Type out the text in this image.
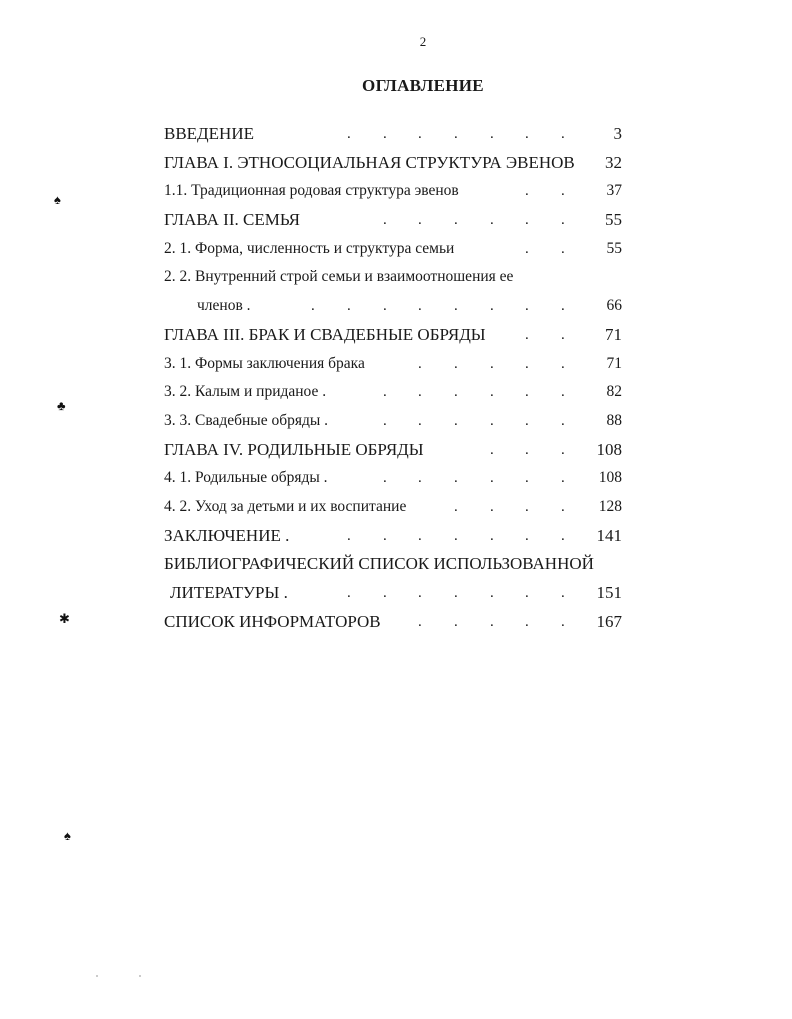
2
ОГЛАВЛЕНИЕ
ВВЕДЕНИЕ	. . . . . . .	3
ГЛАВА I. ЭТНОСОЦИАЛЬНАЯ СТРУКТУРА ЭВЕНОВ 32
1.1. Традиционная родовая структура эвенов	. .	37
ГЛАВА II. СЕМЬЯ	. . . . . . 55
2. 1. Форма, численность и структура семьи	. .	55
2. 2. Внутренний строй семьи и взаимоотношения ее
членов .	. . . . . . . .	66
ГЛАВА III. БРАК И СВАДЕБНЫЕ ОБРЯДЫ	. . 71
3. 1. Формы заключения брака	. . . . .	71
3. 2. Калым и приданое .	. . . . . .	82
3. 3. Свадебные обряды .	. . . . . .	88
ГЛАВА IV. РОДИЛЬНЫЕ ОБРЯДЫ	. . . 108
4. 1. Родильные обряды .	. . . . . . 108
4. 2. Уход за детьми и их воспитание	. . . . 128
ЗАКЛЮЧЕНИЕ .	. . . . . . . 141
БИБЛИОГРАФИЧЕСКИЙ СПИСОК ИСПОЛЬЗОВАННОЙ
ЛИТЕРАТУРЫ .	. . . . . . . 151
СПИСОК ИНФОРМАТОРОВ . . . . . 167
♠
♣
✱
♠
